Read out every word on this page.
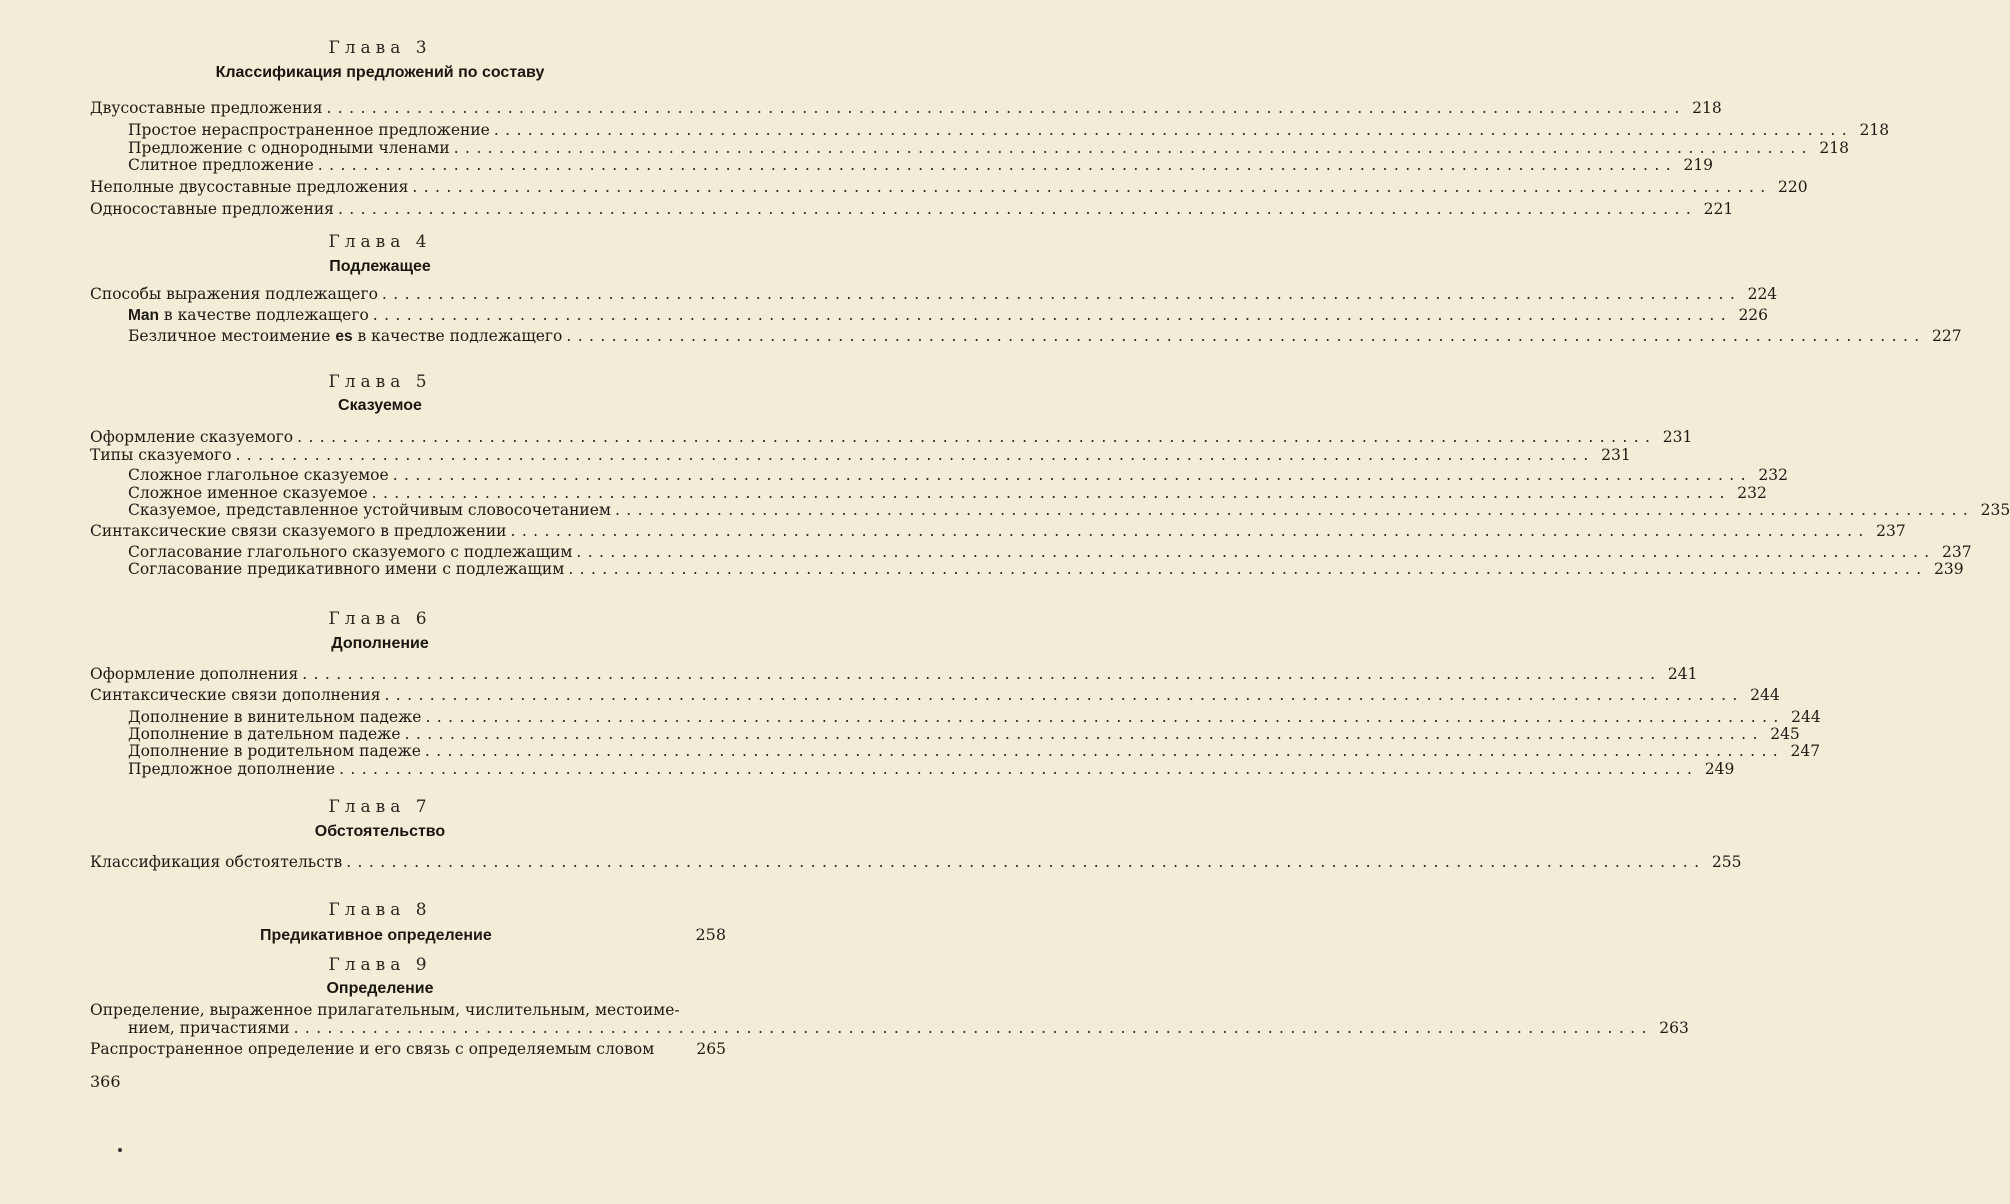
Глава 3
Классификация предложений по составу
Двусоставные предложения ........................................................................................................................ 218
Простое нераспространенное предложение ........................................................................................................................ 218
Предложение с однородными членами ........................................................................................................................ 218
Слитное предложение ........................................................................................................................ 219
Неполные двусоставные предложения ........................................................................................................................ 220
Односоставные предложения ........................................................................................................................ 221
Глава 4
Подлежащее
Способы выражения подлежащего ........................................................................................................................ 224
Man в качестве подлежащего ........................................................................................................................ 226
Безличное местоимение es в качестве подлежащего ........................................................................................................................ 227
Глава 5
Сказуемое
Оформление сказуемого ........................................................................................................................ 231
Типы сказуемого ........................................................................................................................ 231
Сложное глагольное сказуемое ........................................................................................................................ 232
Сложное именное сказуемое ........................................................................................................................ 232
Сказуемое, представленное устойчивым словосочетанием ........................................................................................................................ 235
Синтаксические связи сказуемого в предложении ........................................................................................................................ 237
Согласование глагольного сказуемого с подлежащим ........................................................................................................................ 237
Согласование предикативного имени с подлежащим ........................................................................................................................ 239
Глава 6
Дополнение
Оформление дополнения ........................................................................................................................ 241
Синтаксические связи дополнения ........................................................................................................................ 244
Дополнение в винительном падеже ........................................................................................................................ 244
Дополнение в дательном падеже ........................................................................................................................ 245
Дополнение в родительном падеже ........................................................................................................................ 247
Предложное дополнение ........................................................................................................................ 249
Глава 7
Обстоятельство
Классификация обстоятельств ........................................................................................................................ 255
Глава 8
Предикативное определение	258
Глава 9
Определение
Определение, выраженное прилагательным, числительным, местоиме-
нием, причастиями ........................................................................................................................ 263
Распространенное определение и его связь с определяемым словом	265
366
